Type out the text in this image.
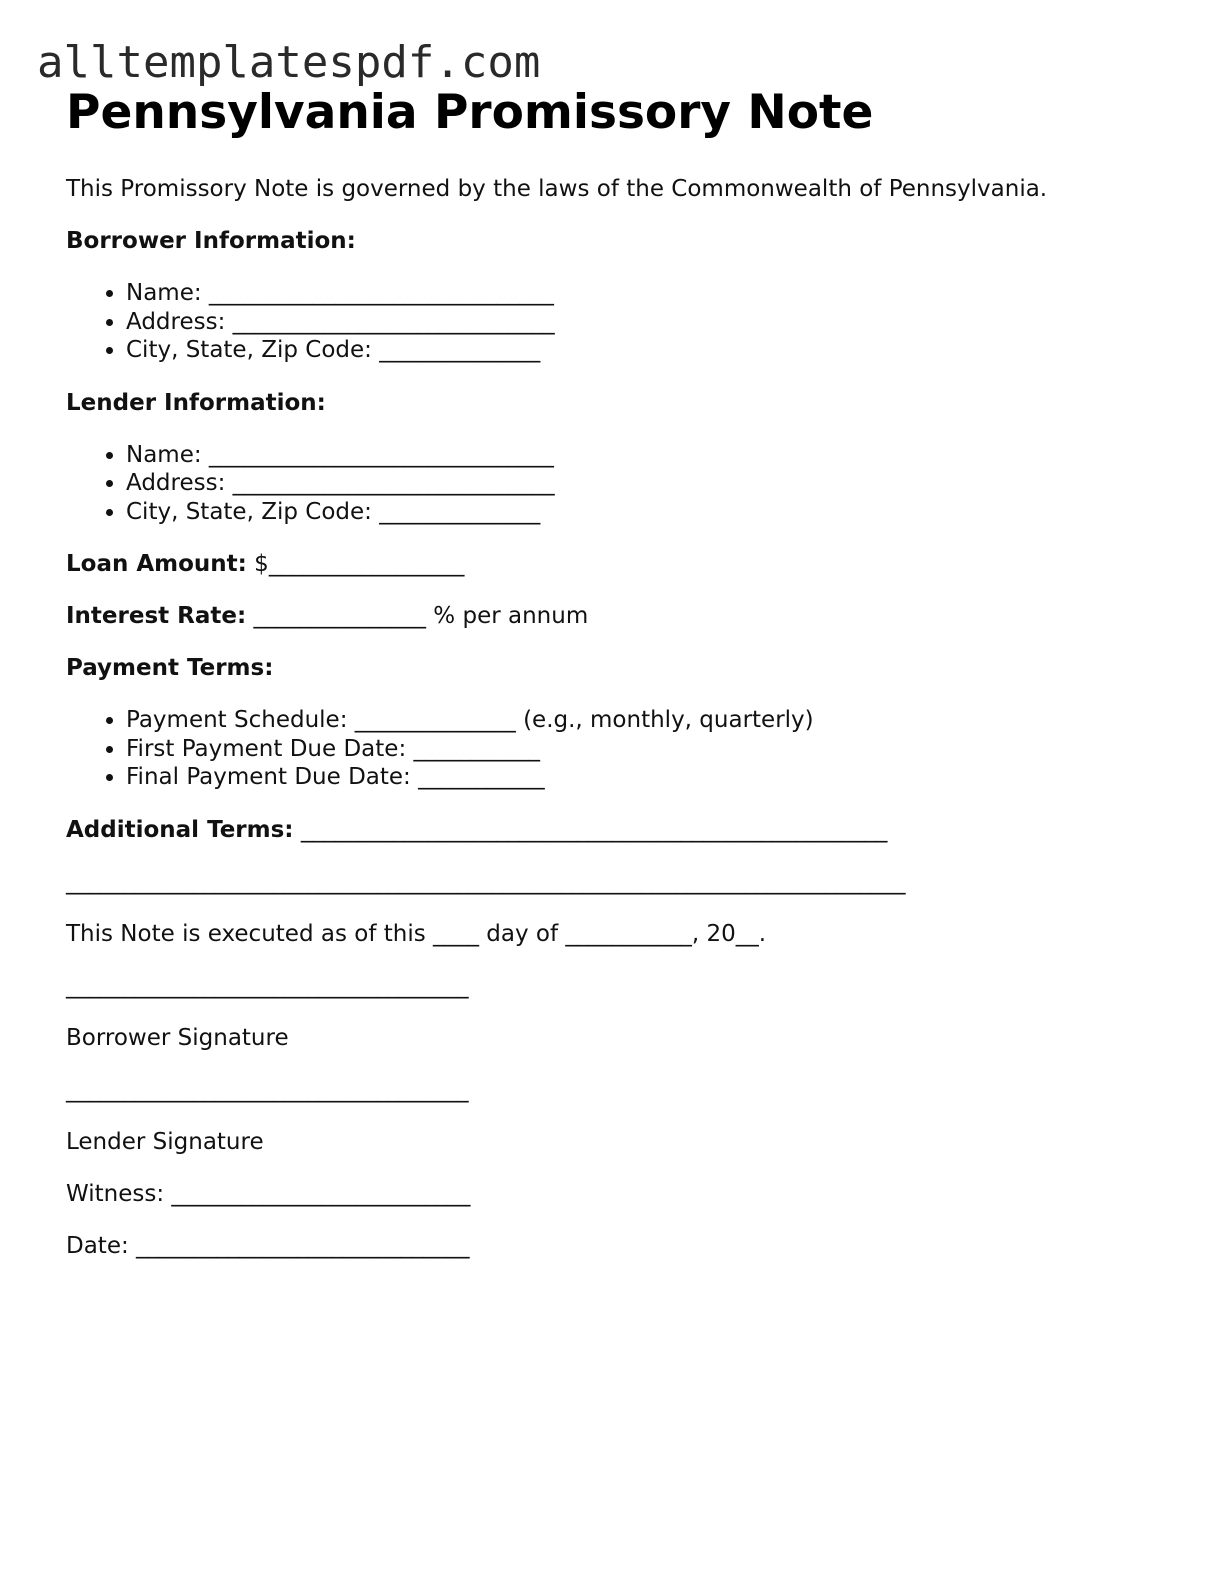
alltemplatespdf.com
Pennsylvania Promissory Note

This Promissory Note is governed by the laws of the Commonwealth of Pennsylvania.

Borrower Information:

• Name: ______________________________
• Address: ____________________________
• City, State, Zip Code: ______________

Lender Information:

• Name: ______________________________
• Address: ____________________________
• City, State, Zip Code: ______________

Loan Amount: $_________________

Interest Rate: _______________ % per annum

Payment Terms:

• Payment Schedule: ______________ (e.g., monthly, quarterly)
• First Payment Due Date: ___________
• Final Payment Due Date: ___________

Additional Terms: ___________________________________________________

_________________________________________________________________________

This Note is executed as of this ____ day of ___________, 20__.

___________________________________

Borrower Signature

___________________________________

Lender Signature

Witness: __________________________

Date: _____________________________
